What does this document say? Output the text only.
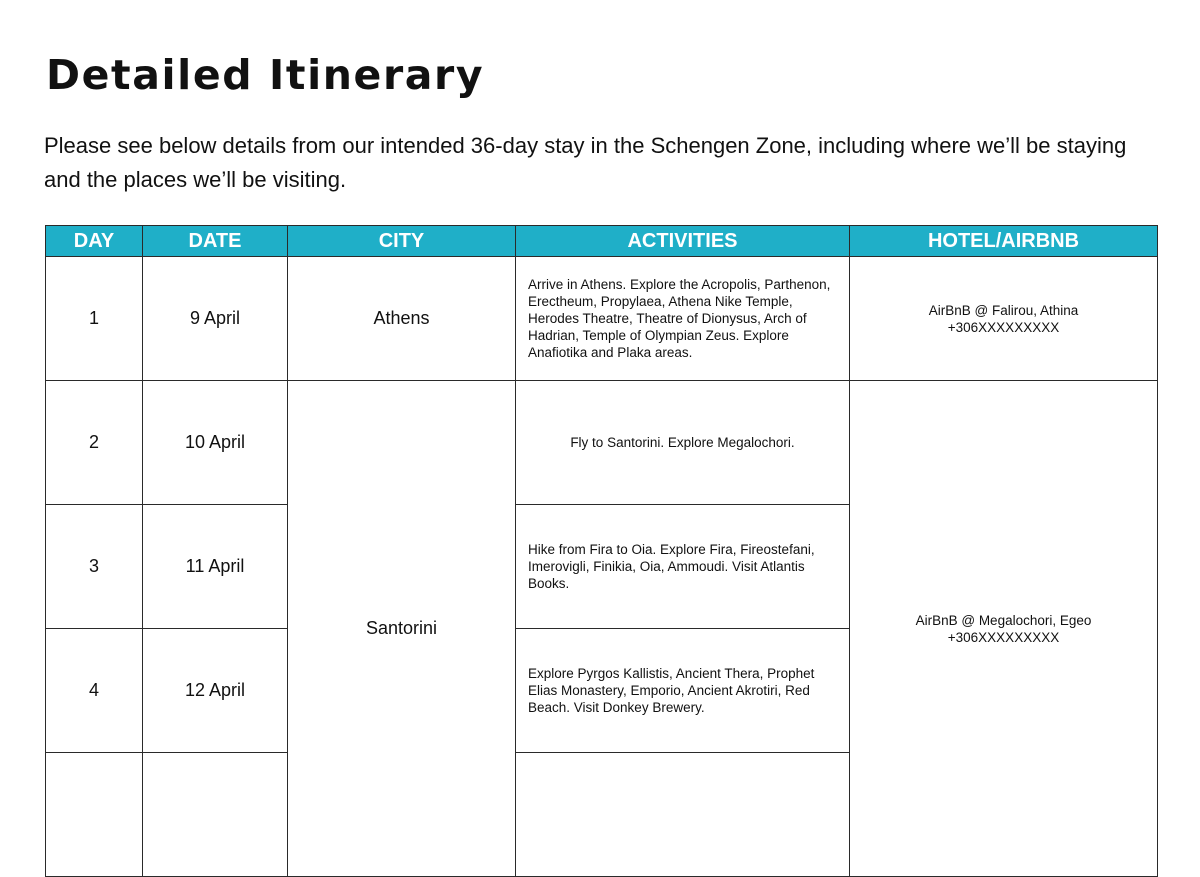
Detailed Itinerary

Please see below details from our intended 36-day stay in the Schengen Zone, including where we’ll be staying and the places we’ll be visiting.

DAY	DATE	CITY	ACTIVITIES	HOTEL/AIRBNB
1	9 April	Athens	Arrive in Athens. Explore the Acropolis, Parthenon, Erectheum, Propylaea, Athena Nike Temple, Herodes Theatre, Theatre of Dionysus, Arch of Hadrian, Temple of Olympian Zeus. Explore Anafiotika and Plaka areas.	AirBnB @ Falirou, Athina
+306XXXXXXXXX

2	10 April	Santorini	Fly to Santorini. Explore Megalochori.	AirBnB @ Megalochori, Egeo
+306XXXXXXXXX

3	11 April		Hike from Fira to Oia. Explore Fira, Fireostefani, Imerovigli, Finikia, Oia, Ammoudi. Visit Atlantis Books.	
4	12 April		Explore Pyrgos Kallistis, Ancient Thera, Prophet Elias Monastery, Emporio, Ancient Akrotiri, Red Beach. Visit Donkey Brewery.	
